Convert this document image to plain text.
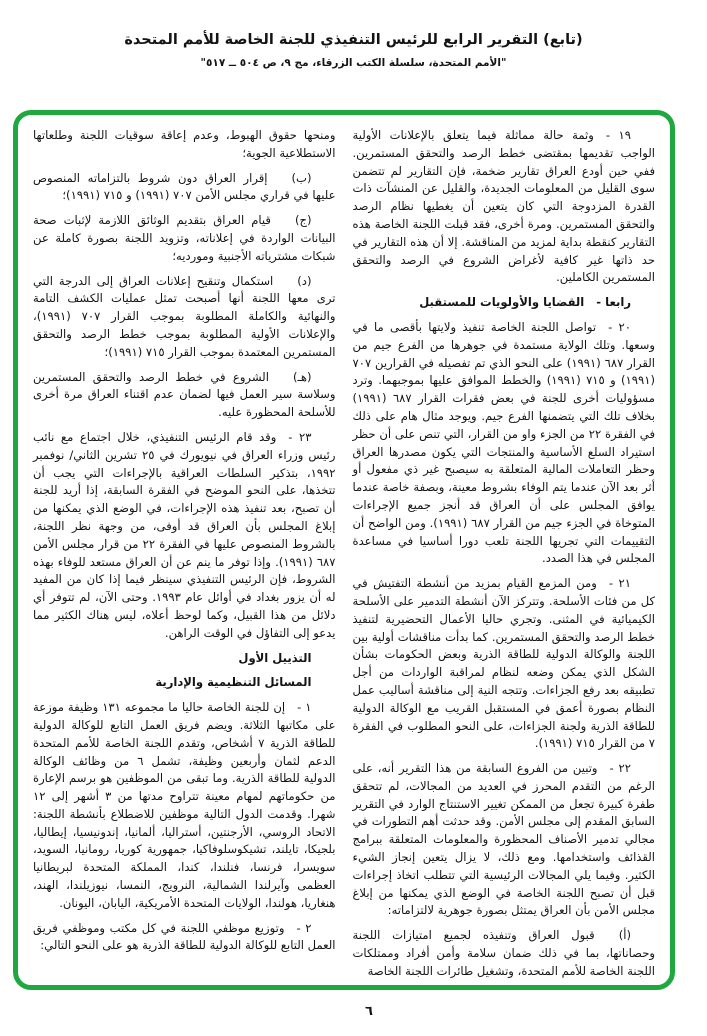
(تابع) التقرير الرابع للرئيس التنفيذي للجنة الخاصة للأمم المتحدة
"الأمم المتحدة، سلسلة الكتب الزرقاء، مج ٩، ص ٥٠٤ ــ ٥١٧"

١٩ -وثمة حالة مماثلة فيما يتعلق بالإعلانات الأولية الواجب تقديمها بمقتضى خطط الرصد والتحقق المستمرين. ففي حين أودع العراق تقارير ضخمة، فإن التقارير لم تتضمن سوى القليل من المعلومات الجديدة، والقليل عن المنشآت ذات القدرة المزدوجة التي كان يتعين أن يغطيها نظام الرصد والتحقق المستمرين. ومرة أخرى، فقد قبلت اللجنة الخاصة هذه التقارير كنقطة بداية لمزيد من المناقشة. إلا أن هذه التقارير في حد ذاتها غير كافية لأغراض الشروع في الرصد والتحقق المستمرين الكاملين.

رابعا -القضايا والأولويات للمستقبل

٢٠ -تواصل اللجنة الخاصة تنفيذ ولايتها بأقصى ما في وسعها. وتلك الولاية مستمدة في جوهرها من الفرع جيم من القرار ٦٨٧ (١٩٩١) على النحو الذي تم تفصيله في القرارين ٧٠٧ (١٩٩١) و ٧١٥ (١٩٩١) والخطط الموافق عليها بموجبهما. وترد مسؤوليات أخرى للجنة في بعض فقرات القرار ٦٨٧ (١٩٩١) بخلاف تلك التي يتضمنها الفرع جيم. ويوجد مثال هام على ذلك في الفقرة ٢٢ من الجزء واو من القرار، التي تنص على أن حظر استيراد السلع الأساسية والمنتجات التي يكون مصدرها العراق وحظر التعاملات المالية المتعلقة به سيصبح غير ذي مفعول أو أثر بعد الآن عندما يتم الوفاء بشروط معينة، وبصفة خاصة عندما يوافق المجلس على أن العراق قد أنجز جميع الإجراءات المتوخاة في الجزء جيم من القرار ٦٨٧ (١٩٩١). ومن الواضح أن التقييمات التي تجريها اللجنة تلعب دورا أساسيا في مساعدة المجلس في هذا الصدد.

٢١ -ومن المزمع القيام بمزيد من أنشطة التفتيش في كل من فئات الأسلحة. وتتركز الآن أنشطة التدمير على الأسلحة الكيميائية في المثنى. وتجري حاليا الأعمال التحضيرية لتنفيذ خطط الرصد والتحقق المستمرين. كما بدأت مناقشات أولية بين اللجنة والوكالة الدولية للطاقة الذرية وبعض الحكومات بشأن الشكل الذي يمكن وضعه لنظام لمراقبة الواردات من أجل تطبيقه بعد رفع الجزاءات. وتتجه النية إلى مناقشة أساليب عمل النظام بصورة أعمق في المستقبل القريب مع الوكالة الدولية للطاقة الذرية ولجنة الجزاءات، على النحو المطلوب في الفقرة ٧ من القرار ٧١٥ (١٩٩١).

٢٢ -وتبين من الفروع السابقة من هذا التقرير أنه، على الرغم من التقدم المحرز في العديد من المجالات، لم تتحقق طفرة كبيرة تجعل من الممكن تغيير الاستنتاج الوارد في التقرير السابق المقدم إلى مجلس الأمن. وقد حدثت أهم التطورات في مجالي تدمير الأصناف المحظورة والمعلومات المتعلقة ببرامج القذائف واستخدامها. ومع ذلك، لا يزال يتعين إنجاز الشيء الكثير. وفيما يلي المجالات الرئيسية التي تتطلب اتخاذ إجراءات قبل أن تصبح اللجنة الخاصة في الوضع الذي يمكنها من إبلاغ مجلس الأمن بأن العراق يمتثل بصورة جوهرية لالتزاماته:

(أ)قبول العراق وتنفيذه لجميع امتيازات اللجنة وحصاناتها، بما في ذلك ضمان سلامة وأمن أفراد وممتلكات اللجنة الخاصة للأمم المتحدة، وتشغيل طائرات اللجنة الخاصة

ومنحها حقوق الهبوط، وعدم إعاقة سوقيات اللجنة وطلعاتها الاستطلاعية الجوية؛

(ب)إقرار العراق دون شروط بالتزاماته المنصوص عليها في قراري مجلس الأمن ٧٠٧ (١٩٩١) و ٧١٥ (١٩٩١)؛

(ج)قيام العراق بتقديم الوثائق اللازمة لإثبات صحة البيانات الواردة في إعلاناته، وتزويد اللجنة بصورة كاملة عن شبكات مشترياته الأجنبية ومورديه؛

(د)استكمال وتنقيح إعلانات العراق إلى الدرجة التي ترى معها اللجنة أنها أصبحت تمثل عمليات الكشف التامة والنهائية والكاملة المطلوبة بموجب القرار ٧٠٧ (١٩٩١)، والإعلانات الأولية المطلوبة بموجب خطط الرصد والتحقق المستمرين المعتمدة بموجب القرار ٧١٥ (١٩٩١)؛

(هـ)الشروع في خطط الرصد والتحقق المستمرين وسلاسة سير العمل فيها لضمان عدم اقتناء العراق مرة أخرى للأسلحة المحظورة عليه.

٢٣ -وقد قام الرئيس التنفيذي، خلال اجتماع مع نائب رئيس وزراء العراق في نيويورك في ٢٥ تشرين الثاني/ نوفمبر ١٩٩٢، بتذكير السلطات العراقية بالإجراءات التي يجب أن تتخذها، على النحو الموضح في الفقرة السابقة، إذا أريد للجنة أن تصبح، بعد تنفيذ هذه الإجراءات، في الوضع الذي يمكنها من إبلاغ المجلس بأن العراق قد أوفى، من وجهة نظر اللجنة، بالشروط المنصوص عليها في الفقرة ٢٢ من قرار مجلس الأمن ٦٨٧ (١٩٩١). وإذا توفر ما ينم عن أن العراق مستعد للوفاء بهذه الشروط، فإن الرئيس التنفيذي سينظر فيما إذا كان من المفيد له أن يزور بغداد في أوائل عام ١٩٩٣. وحتى الآن، لم تتوفر أي دلائل من هذا القبيل، وكما لوحظ أعلاه، ليس هناك الكثير مما يدعو إلى التفاؤل في الوقت الراهن.

التذييل الأول

المسائل التنظيمية والإدارية

١ -إن للجنة الخاصة حاليا ما مجموعه ١٣١ وظيفة موزعة على مكاتبها الثلاثة. ويضم فريق العمل التابع للوكالة الدولية للطاقة الذرية ٧ أشخاص، وتقدم اللجنة الخاصة للأمم المتحدة الدعم لثمان وأربعين وظيفة، تشمل ٦ من وظائف الوكالة الدولية للطاقة الذرية. وما تبقى من الموظفين هو برسم الإعارة من حكوماتهم لمهام معينة تتراوح مدتها من ٣ أشهر إلى ١٢ شهرا. وقدمت الدول التالية موظفين للاضطلاع بأنشطة اللجنة: الاتحاد الروسي، الأرجنتين، أستراليا، ألمانيا، إندونيسيا، إيطاليا، بلجيكا، تايلند، تشيكوسلوفاكيا، جمهورية كوريا، رومانيا، السويد، سويسرا، فرنسا، فنلندا، كندا، المملكة المتحدة لبريطانيا العظمى وآيرلندا الشمالية، النرويج، النمسا، نيوزيلندا، الهند، هنغاريا، هولندا، الولايات المتحدة الأمريكية، اليابان، اليونان.

٢ -وتوزيع موظفي اللجنة في كل مكتب وموظفي فريق العمل التابع للوكالة الدولية للطاقة الذرية هو على النحو التالي:

٦
